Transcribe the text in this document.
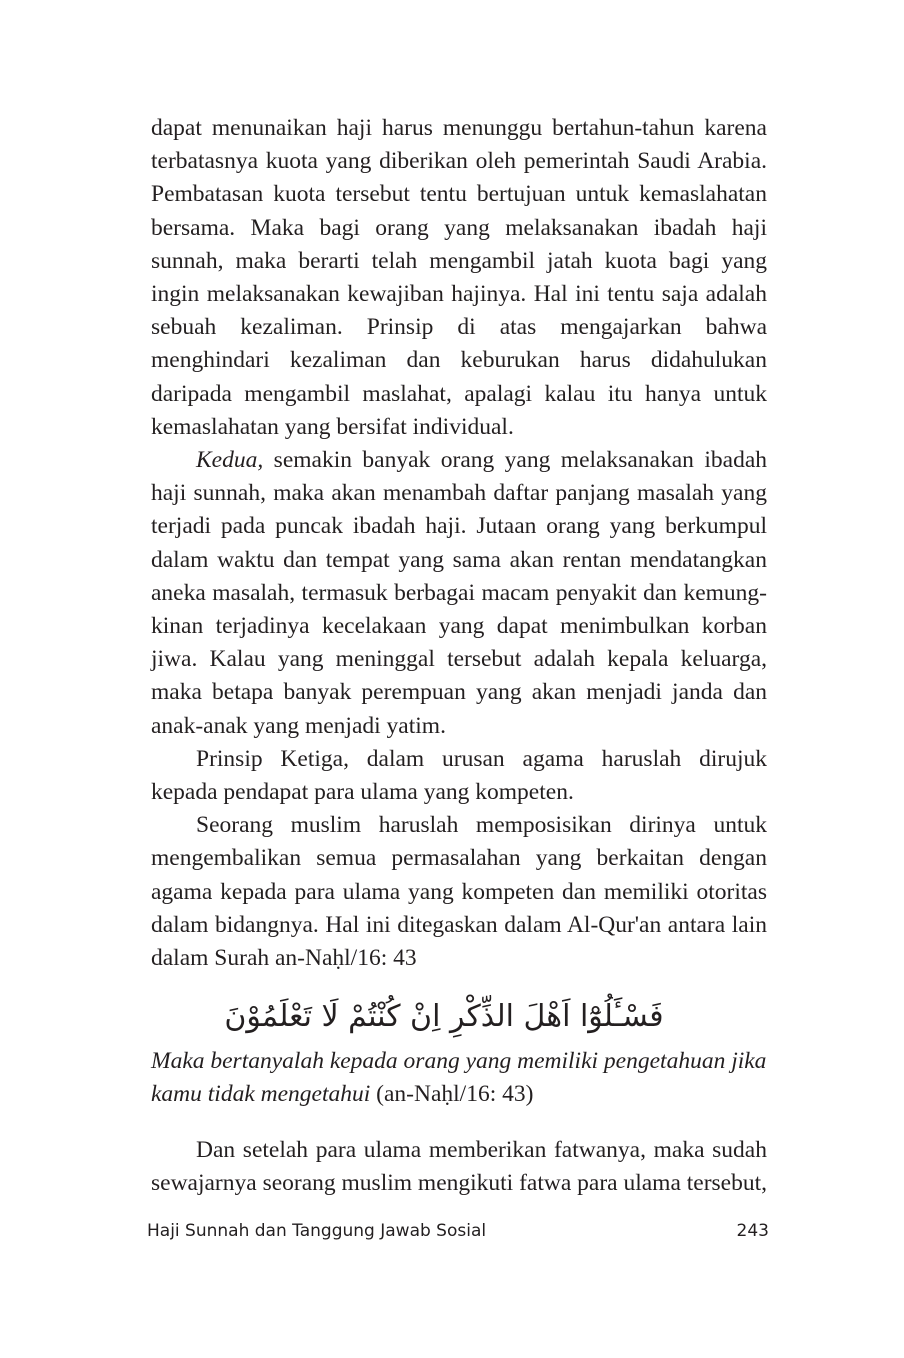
dapat menunaikan haji harus menunggu bertahun-tahun karena terbatasnya kuota yang diberikan oleh pemerintah Saudi Arabia. Pembatasan kuota tersebut tentu bertujuan untuk kemaslahatan bersama. Maka bagi orang yang melaksanakan ibadah haji sunnah, maka berarti telah mengambil jatah kuota bagi yang ingin melaksanakan kewajiban hajinya. Hal ini tentu saja adalah sebuah kezaliman. Prinsip di atas mengajarkan bahwa menghindari kezaliman dan keburukan harus didahulukan daripada mengambil maslahat, apalagi kalau itu hanya untuk kemaslahatan yang bersifat individual.

Kedua, semakin banyak orang yang melaksanakan ibadah haji sunnah, maka akan menambah daftar panjang masalah yang terjadi pada puncak ibadah haji. Jutaan orang yang berkumpul dalam waktu dan tempat yang sama akan rentan mendatangkan aneka masalah, termasuk berbagai macam penyakit dan kemungkinan terjadinya kecelakaan yang dapat menimbulkan korban jiwa. Kalau yang meninggal tersebut adalah kepala keluarga, maka betapa banyak perempuan yang akan menjadi janda dan anak-anak yang menjadi yatim.

Prinsip Ketiga, dalam urusan agama haruslah dirujuk kepada pendapat para ulama yang kompeten.

Seorang muslim haruslah memposisikan dirinya untuk mengembalikan semua permasalahan yang berkaitan dengan agama kepada para ulama yang kompeten dan memiliki otoritas dalam bidangnya. Hal ini ditegaskan dalam Al-Qur'an antara lain dalam Surah an-Naḥl/16: 43

فَسْـَٔلُوْٓا اَهْلَ الذِّكْرِ اِنْ كُنْتُمْ لَا تَعْلَمُوْنَ

Maka bertanyalah kepada orang yang memiliki pengetahuan jika kamu tidak mengetahui (an-Naḥl/16: 43)

Dan setelah para ulama memberikan fatwanya, maka sudah sewajarnya seorang muslim mengikuti fatwa para ulama tersebut,

Haji Sunnah dan Tanggung Jawab Sosial	243
